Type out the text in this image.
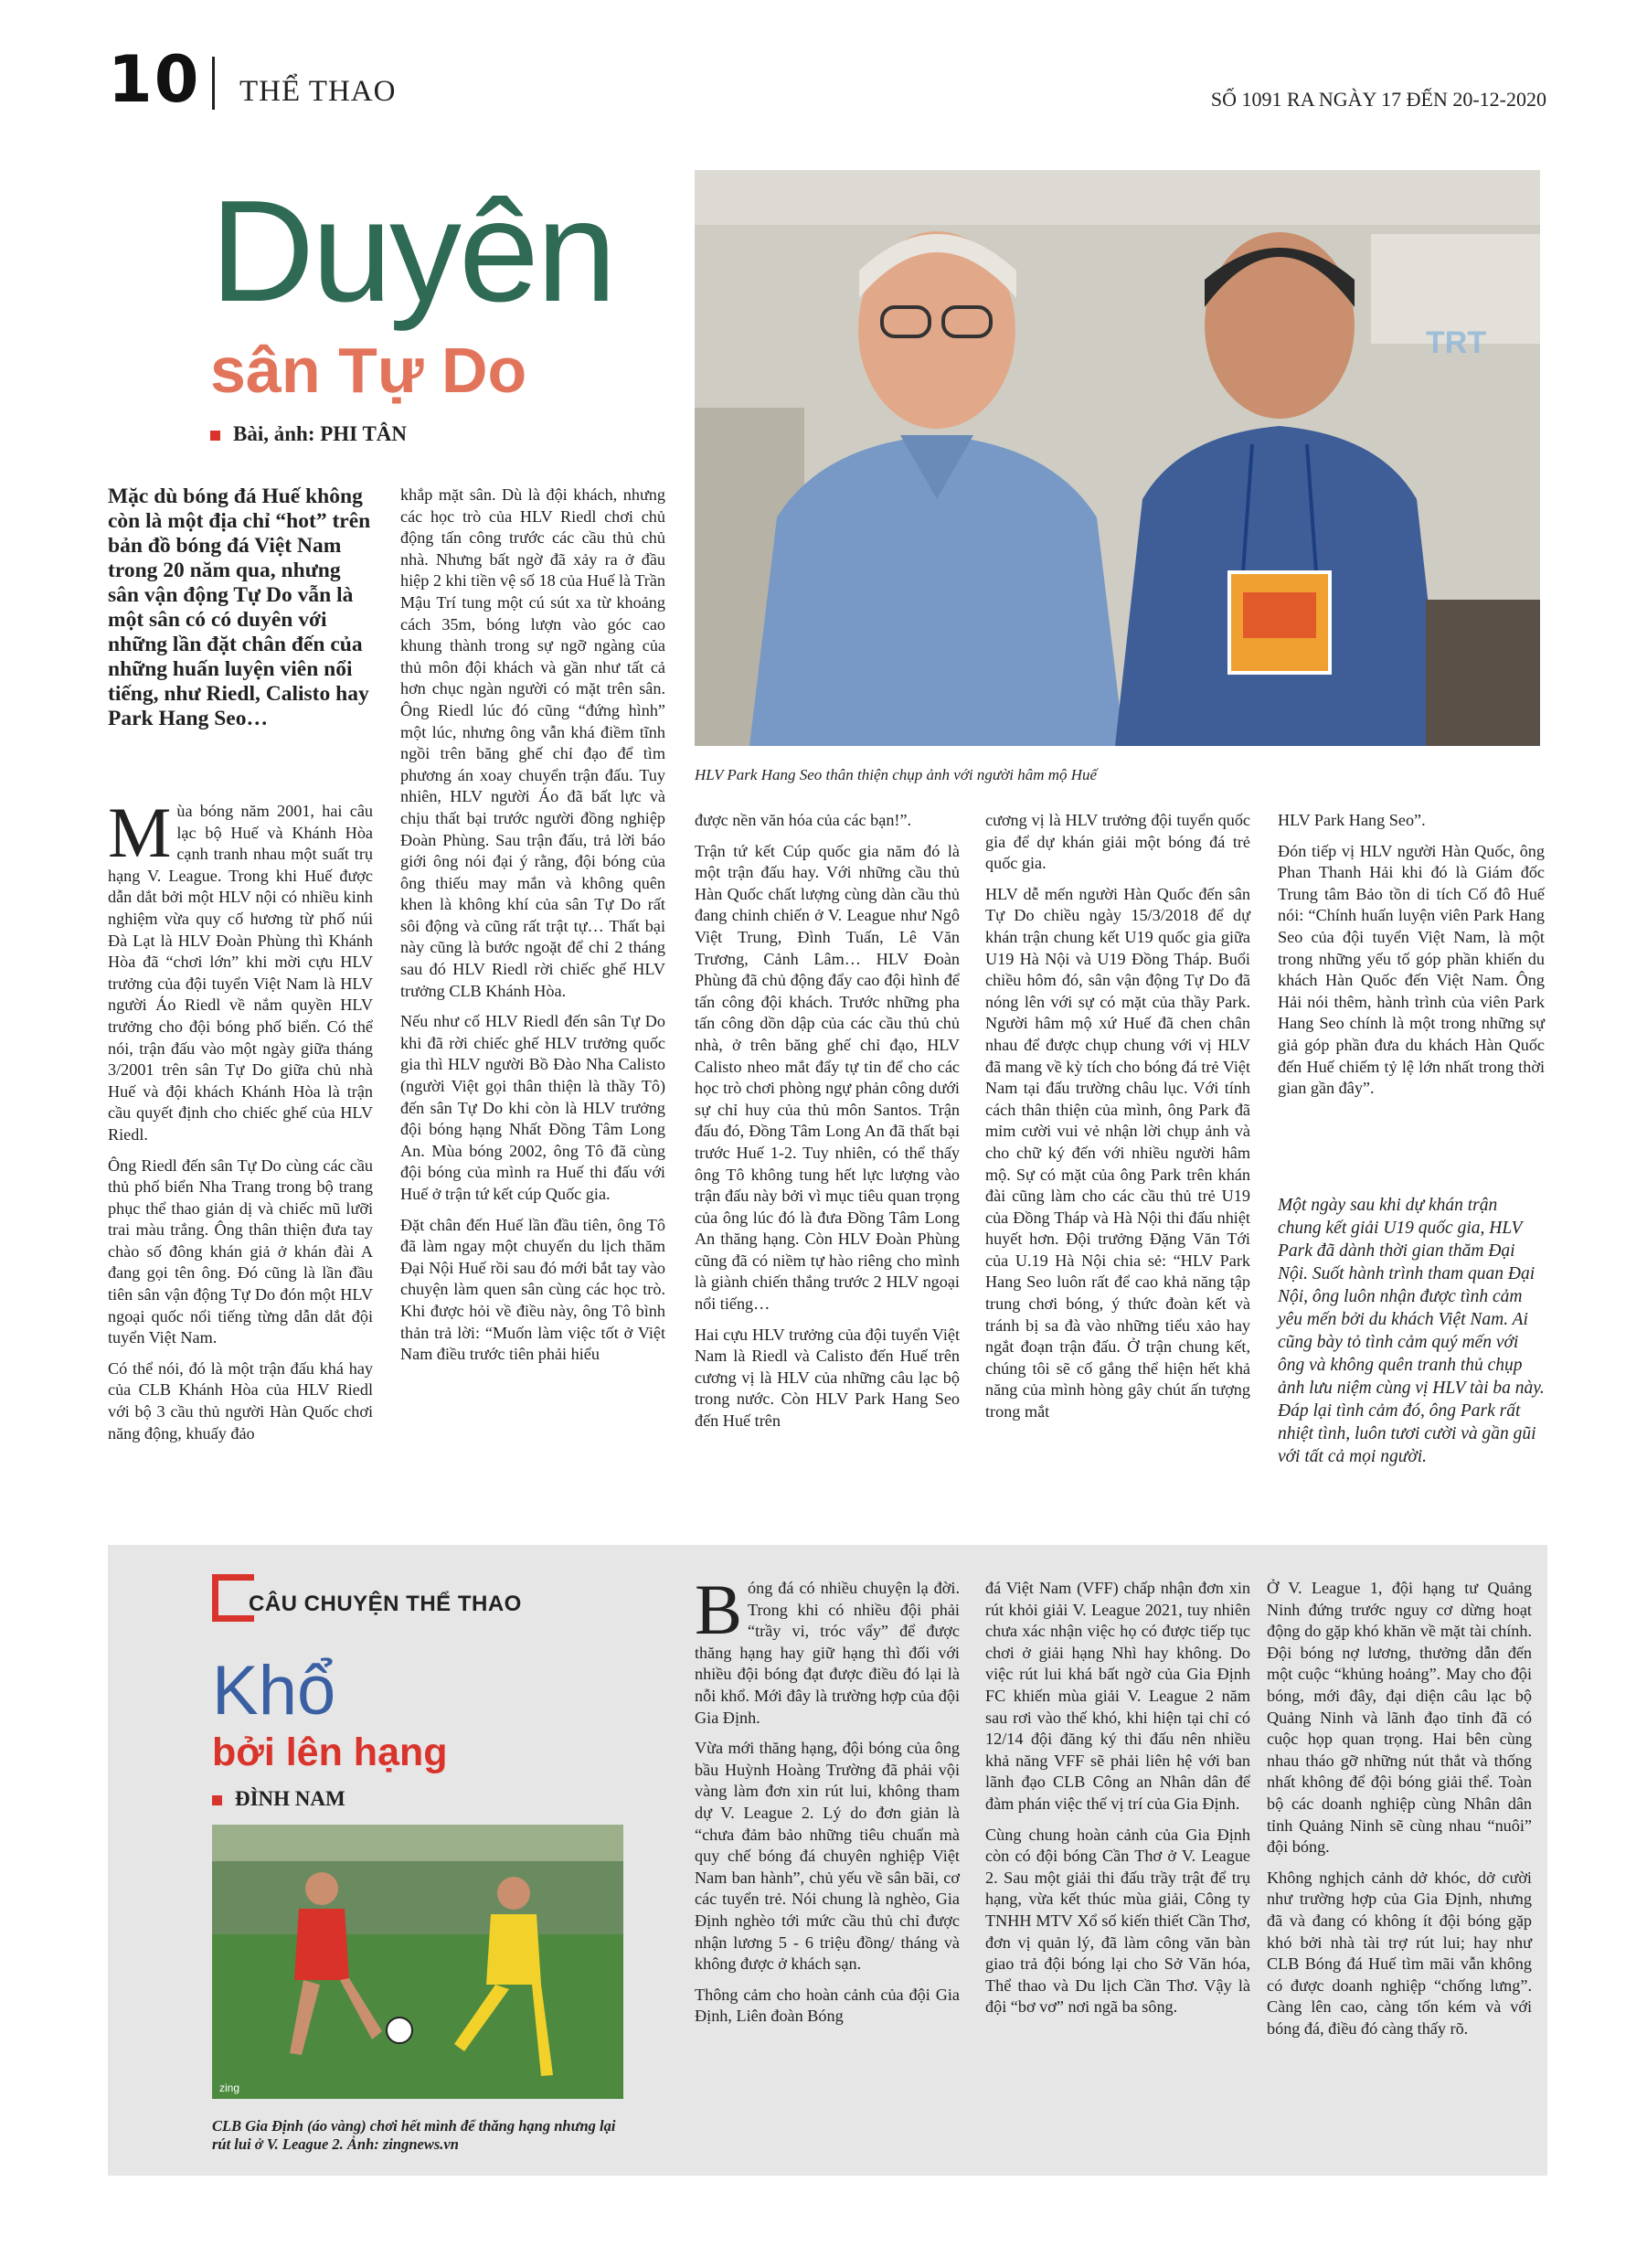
10 THỂ THAO	SỐ 1091 RA NGÀY 17 ĐẾN 20-12-2020
Duyên
sân Tự Do
Bài, ảnh: PHI TÂN
TRT
HLV Park Hang Seo thân thiện chụp ảnh với người hâm mộ Huế
Mặc dù bóng đá Huế không còn là một địa chỉ “hot” trên bản đồ bóng đá Việt Nam trong 20 năm qua, nhưng sân vận động Tự Do vẫn là một sân có có duyên với những lần đặt chân đến của những huấn luyện viên nổi tiếng, như Riedl, Calisto hay Park Hang Seo…

Mùa bóng năm 2001, hai câu lạc bộ Huế và Khánh Hòa cạnh tranh nhau một suất trụ hạng V. League. Trong khi Huế được dẫn dắt bởi một HLV nội có nhiều kinh nghiệm vừa quy cố hương từ phố núi Đà Lạt là HLV Đoàn Phùng thì Khánh Hòa đã “chơi lớn” khi mời cựu HLV trưởng của đội tuyển Việt Nam là HLV người Áo Riedl về nắm quyền HLV trưởng cho đội bóng phố biển. Có thể nói, trận đấu vào một ngày giữa tháng 3/2001 trên sân Tự Do giữa chủ nhà Huế và đội khách Khánh Hòa là trận cầu quyết định cho chiếc ghế của HLV Riedl.

Ông Riedl đến sân Tự Do cùng các cầu thủ phố biển Nha Trang trong bộ trang phục thể thao giản dị và chiếc mũ lưỡi trai màu trắng. Ông thân thiện đưa tay chào số đông khán giả ở khán đài A đang gọi tên ông. Đó cũng là lần đầu tiên sân vận động Tự Do đón một HLV ngoại quốc nổi tiếng từng dẫn dắt đội tuyển Việt Nam.

Có thể nói, đó là một trận đấu khá hay của CLB Khánh Hòa của HLV Riedl với bộ 3 cầu thủ người Hàn Quốc chơi năng động, khuấy đảo

khắp mặt sân. Dù là đội khách, nhưng các học trò của HLV Riedl chơi chủ động tấn công trước các cầu thủ chủ nhà. Nhưng bất ngờ đã xảy ra ở đầu hiệp 2 khi tiền vệ số 18 của Huế là Trần Mậu Trí tung một cú sút xa từ khoảng cách 35m, bóng lượn vào góc cao khung thành trong sự ngỡ ngàng của thủ môn đội khách và gần như tất cả hơn chục ngàn người có mặt trên sân. Ông Riedl lúc đó cũng “đứng hình” một lúc, nhưng ông vẫn khá điềm tĩnh ngồi trên băng ghế chỉ đạo để tìm phương án xoay chuyển trận đấu. Tuy nhiên, HLV người Áo đã bất lực và chịu thất bại trước người đồng nghiệp Đoàn Phùng. Sau trận đấu, trả lời báo giới ông nói đại ý rằng, đội bóng của ông thiếu may mắn và không quên khen là không khí của sân Tự Do rất sôi động và cũng rất trật tự… Thất bại này cũng là bước ngoặt để chỉ 2 tháng sau đó HLV Riedl rời chiếc ghế HLV trưởng CLB Khánh Hòa.

Nếu như cố HLV Riedl đến sân Tự Do khi đã rời chiếc ghế HLV trưởng quốc gia thì HLV người Bồ Đào Nha Calisto (người Việt gọi thân thiện là thầy Tô) đến sân Tự Do khi còn là HLV trưởng đội bóng hạng Nhất Đồng Tâm Long An. Mùa bóng 2002, ông Tô đã cùng đội bóng của mình ra Huế thi đấu với Huế ở trận tứ kết cúp Quốc gia.

Đặt chân đến Huế lần đầu tiên, ông Tô đã làm ngay một chuyến du lịch thăm Đại Nội Huế rồi sau đó mới bắt tay vào chuyện làm quen sân cùng các học trò. Khi được hỏi về điều này, ông Tô bình thản trả lời: “Muốn làm việc tốt ở Việt Nam điều trước tiên phải hiểu

được nền văn hóa của các bạn!”.

Trận tứ kết Cúp quốc gia năm đó là một trận đấu hay. Với những cầu thủ Hàn Quốc chất lượng cùng dàn cầu thủ đang chinh chiến ở V. League như Ngô Việt Trung, Đình Tuấn, Lê Văn Trương, Cảnh Lâm… HLV Đoàn Phùng đã chủ động đẩy cao đội hình để tấn công đội khách. Trước những pha tấn công dồn dập của các cầu thủ chủ nhà, ở trên băng ghế chỉ đạo, HLV Calisto nheo mắt đẩy tự tin để cho các học trò chơi phòng ngự phản công dưới sự chỉ huy của thủ môn Santos. Trận đấu đó, Đồng Tâm Long An đã thất bại trước Huế 1-2. Tuy nhiên, có thể thấy ông Tô không tung hết lực lượng vào trận đấu này bởi vì mục tiêu quan trọng của ông lúc đó là đưa Đồng Tâm Long An thăng hạng. Còn HLV Đoàn Phùng cũng đã có niềm tự hào riêng cho mình là giành chiến thắng trước 2 HLV ngoại nổi tiếng…

Hai cựu HLV trưởng của đội tuyển Việt Nam là Riedl và Calisto đến Huế trên cương vị là HLV của những câu lạc bộ trong nước. Còn HLV Park Hang Seo đến Huế trên

cương vị là HLV trưởng đội tuyển quốc gia để dự khán giải một bóng đá trẻ quốc gia.

HLV dễ mến người Hàn Quốc đến sân Tự Do chiều ngày 15/3/2018 để dự khán trận chung kết U19 quốc gia giữa U19 Hà Nội và U19 Đồng Tháp. Buổi chiều hôm đó, sân vận động Tự Do đã nóng lên với sự có mặt của thầy Park. Người hâm mộ xứ Huế đã chen chân nhau để được chụp chung với vị HLV đã mang về kỳ tích cho bóng đá trẻ Việt Nam tại đấu trường châu lục. Với tính cách thân thiện của mình, ông Park đã mỉm cười vui vẻ nhận lời chụp ảnh và cho chữ ký đến với nhiều người hâm mộ. Sự có mặt của ông Park trên khán đài cũng làm cho các cầu thủ trẻ U19 của Đồng Tháp và Hà Nội thi đấu nhiệt huyết hơn. Đội trưởng Đặng Văn Tới của U.19 Hà Nội chia sẻ: “HLV Park Hang Seo luôn rất để cao khả năng tập trung chơi bóng, ý thức đoàn kết và tránh bị sa đà vào những tiểu xảo hay ngắt đoạn trận đấu. Ở trận chung kết, chúng tôi sẽ cố gắng thể hiện hết khả năng của mình hòng gây chút ấn tượng trong mắt

HLV Park Hang Seo”.

Đón tiếp vị HLV người Hàn Quốc, ông Phan Thanh Hải khi đó là Giám đốc Trung tâm Bảo tồn di tích Cố đô Huế nói: “Chính huấn luyện viên Park Hang Seo của đội tuyển Việt Nam, là một trong những yếu tố góp phần khiến du khách Hàn Quốc đến Việt Nam. Ông Hải nói thêm, hành trình của viên Park Hang Seo chính là một trong những sự giả góp phần đưa du khách Hàn Quốc đến Huế chiếm tỷ lệ lớn nhất trong thời gian gần đây”.

Một ngày sau khi dự khán trận chung kết giải U19 quốc gia, HLV Park đã dành thời gian thăm Đại Nội. Suốt hành trình tham quan Đại Nội, ông luôn nhận được tình cảm yêu mến bởi du khách Việt Nam. Ai cũng bày tỏ tình cảm quý mến với ông và không quên tranh thủ chụp ảnh lưu niệm cùng vị HLV tài ba này. Đáp lại tình cảm đó, ông Park rất nhiệt tình, luôn tươi cười và gần gũi với tất cả mọi người.

CÂU CHUYỆN THỂ THAO
Khổ
bởi lên hạng
ĐÌNH NAM
zing
CLB Gia Định (áo vàng) chơi hết mình để thăng hạng nhưng lại rút lui ở V. League 2. Ảnh: zingnews.vn

Bóng đá có nhiều chuyện lạ đời. Trong khi có nhiều đội phải “trầy vi, tróc vẩy” để được thăng hạng hay giữ hạng thì đối với nhiều đội bóng đạt được điều đó lại là nỗi khổ. Mới đây là trường hợp của đội Gia Định.

Vừa mới thăng hạng, đội bóng của ông bầu Huỳnh Hoàng Trường đã phải vội vàng làm đơn xin rút lui, không tham dự V. League 2. Lý do đơn giản là “chưa đảm bảo những tiêu chuẩn mà quy chế bóng đá chuyên nghiệp Việt Nam ban hành”, chủ yếu về sân bãi, cơ các tuyển trẻ. Nói chung là nghèo, Gia Định nghèo tới mức cầu thủ chỉ được nhận lương 5 - 6 triệu đồng/ tháng và không được ở khách sạn.

Thông cảm cho hoàn cảnh của đội Gia Định, Liên đoàn Bóng

đá Việt Nam (VFF) chấp nhận đơn xin rút khỏi giải V. League 2021, tuy nhiên chưa xác nhận việc họ có được tiếp tục chơi ở giải hạng Nhì hay không. Do việc rút lui khá bất ngờ của Gia Định FC khiến mùa giải V. League 2 năm sau rơi vào thế khó, khi hiện tại chỉ có 12/14 đội đăng ký thi đấu nên nhiều khả năng VFF sẽ phải liên hệ với ban lãnh đạo CLB Công an Nhân dân để đàm phán việc thế vị trí của Gia Định.

Cùng chung hoàn cảnh của Gia Định còn có đội bóng Cần Thơ ở V. League 2. Sau một giải thi đấu trầy trật để trụ hạng, vừa kết thúc mùa giải, Công ty TNHH MTV Xổ số kiến thiết Cần Thơ, đơn vị quản lý, đã làm công văn bàn giao trả đội bóng lại cho Sở Văn hóa, Thể thao và Du lịch Cần Thơ. Vậy là đội “bơ vơ” nơi ngã ba sông.

Ở V. League 1, đội hạng tư Quảng Ninh đứng trước nguy cơ dừng hoạt động do gặp khó khăn về mặt tài chính. Đội bóng nợ lương, thưởng dẫn đến một cuộc “khủng hoảng”. May cho đội bóng, mới đây, đại diện câu lạc bộ Quảng Ninh và lãnh đạo tỉnh đã có cuộc họp quan trọng. Hai bên cùng nhau tháo gỡ những nút thắt và thống nhất không để đội bóng giải thể. Toàn bộ các doanh nghiệp cùng Nhân dân tỉnh Quảng Ninh sẽ cùng nhau “nuôi” đội bóng.

Không nghịch cảnh dở khóc, dở cười như trường hợp của Gia Định, nhưng đã và đang có không ít đội bóng gặp khó bởi nhà tài trợ rút lui; hay như CLB Bóng đá Huế tìm mãi vẫn không có được doanh nghiệp “chống lưng”. Càng lên cao, càng tốn kém và với bóng đá, điều đó càng thấy rõ.
